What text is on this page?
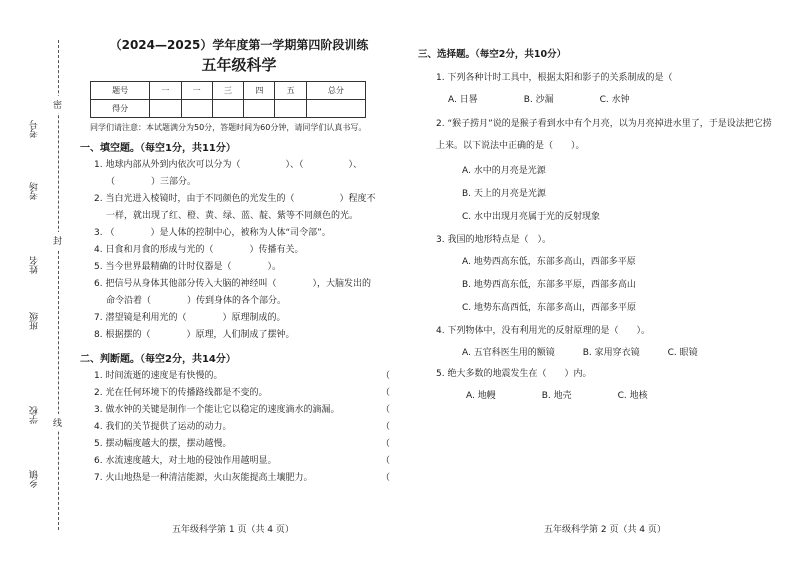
考号
考场
姓名
班级
学校
乡镇
密
封
线

（2024—2025）学年度第一学期第四阶段训练

五年级科学

题号	一	一	三	四	五	总分
得分						

同学们请注意：本试题满分为50分，答题时间为60分钟，请同学们认真书写。

一、填空题。（每空1分，共11分）

1. 地球内部从外到内依次可以分为（　　　　　）、（　　　　　）、
（　　　　）三部分。
2. 当白光进入棱镜时，由于不同颜色的光发生的（　　　　　）程度不
一样，就出现了红、橙、黄、绿、蓝、靛、紫等不同颜色的光。
3. （　　　　）是人体的控制中心，被称为人体“司令部”。
4. 日食和月食的形成与光的（　　　　）传播有关。
5. 当今世界最精确的计时仪器是（　　　　）。
6. 把信号从身体其他部分传入大脑的神经叫（　　　　），大脑发出的
命令沿着（　　　　）传到身体的各个部分。
7. 潜望镜是利用光的（　　　　）原理制成的。
8. 根据摆的（　　　　）原理，人们制成了摆钟。

二、判断题。（每空2分，共14分）

1. 时间流逝的速度是有快慢的。	（
2. 光在任何环境下的传播路线都是不变的。	（
3. 做水钟的关键是制作一个能让它以稳定的速度滴水的滴漏。	（
4. 我们的关节提供了运动的动力。	（
5. 摆动幅度越大的摆，摆动越慢。	（
6. 水流速度越大，对土地的侵蚀作用越明显。	（
7. 火山地热是一种清洁能源，火山灰能提高土壤肥力。	（

三、选择题。（每空2分，共10分）

1. 下列各种计时工具中，根据太阳和影子的关系制成的是（

A. 日晷	B. 沙漏	C. 水钟

2. “猴子捞月”说的是猴子看到水中有个月亮，以为月亮掉进水里了，于是设法把它捞上来。以下说法中正确的是（　　）。

A. 水中的月亮是光源

B. 天上的月亮是光源

C. 水中出现月亮属于光的反射现象

3. 我国的地形特点是（　）。

A. 地势西高东低，东部多高山，西部多平原

B. 地势西高东低，东部多平原，西部多高山

C. 地势东高西低，东部多高山，西部多平原

4. 下列物体中，没有利用光的反射原理的是（　　）。

A. 五官科医生用的额镜	B. 家用穿衣镜	C. 眼镜

5. 绝大多数的地震发生在（　　）内。

A. 地幔	B. 地壳	C. 地核
五年级科学第 1 页（共 4 页）	五年级科学第 2 页（共 4 页）
